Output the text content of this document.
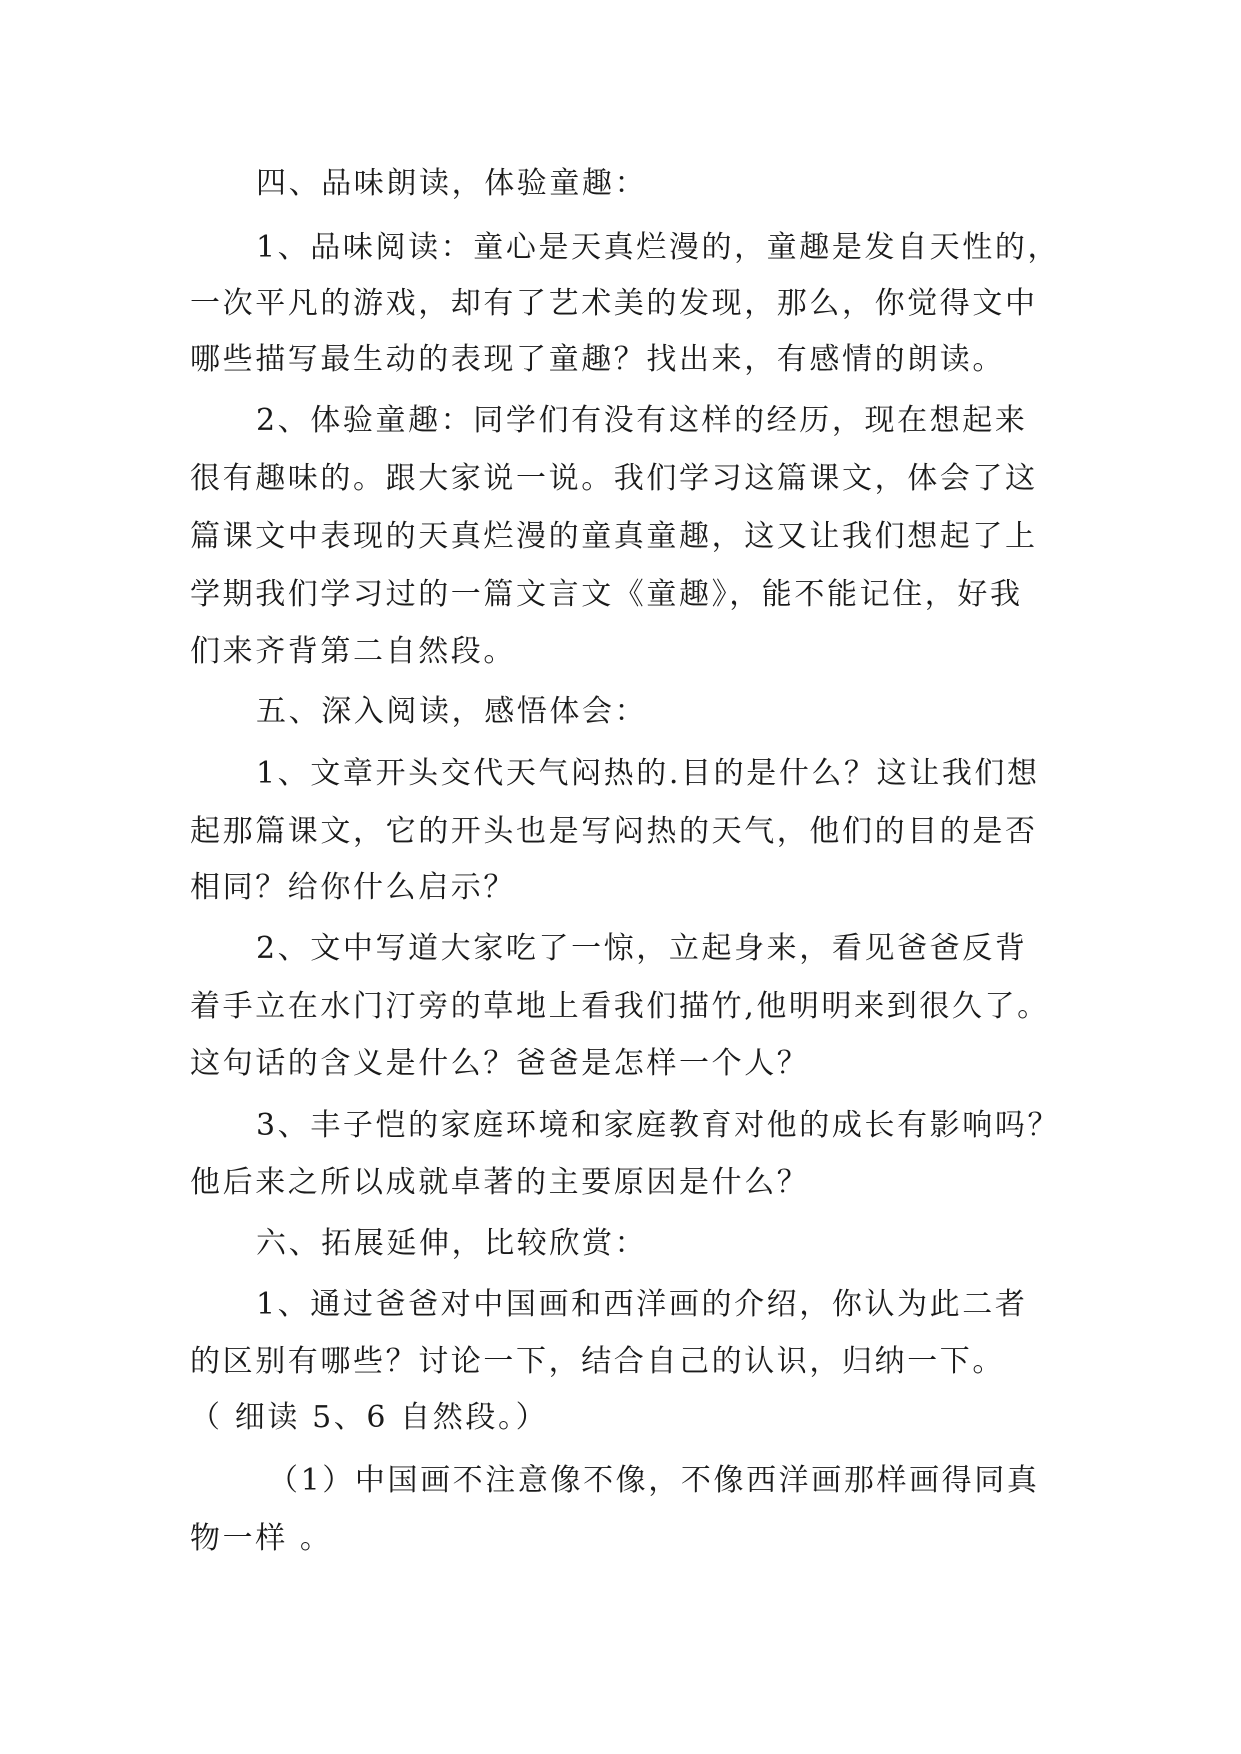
四、品味朗读，体验童趣：
1、品味阅读：童心是天真烂漫的，童趣是发自天性的，
一次平凡的游戏，却有了艺术美的发现，那么，你觉得文中
哪些描写最生动的表现了童趣？找出来，有感情的朗读。
2、体验童趣：同学们有没有这样的经历，现在想起来
很有趣味的。跟大家说一说。我们学习这篇课文，体会了这
篇课文中表现的天真烂漫的童真童趣，这又让我们想起了上
学期我们学习过的一篇文言文《童趣》，能不能记住，好我
们来齐背第二自然段。
五、深入阅读，感悟体会：
1、文章开头交代天气闷热的.目的是什么？这让我们想
起那篇课文，它的开头也是写闷热的天气，他们的目的是否
相同？给你什么启示？
2、文中写道大家吃了一惊，立起身来，看见爸爸反背
着手立在水门汀旁的草地上看我们描竹,他明明来到很久了。
这句话的含义是什么？爸爸是怎样一个人？
3、丰子恺的家庭环境和家庭教育对他的成长有影响吗？
他后来之所以成就卓著的主要原因是什么？
六、拓展延伸，比较欣赏：
1、通过爸爸对中国画和西洋画的介绍，你认为此二者
的区别有哪些？讨论一下，结合自己的认识，归纳一下。
（ 细读 5、6 自然段。）
（1）中国画不注意像不像，不像西洋画那样画得同真
物一样 。
